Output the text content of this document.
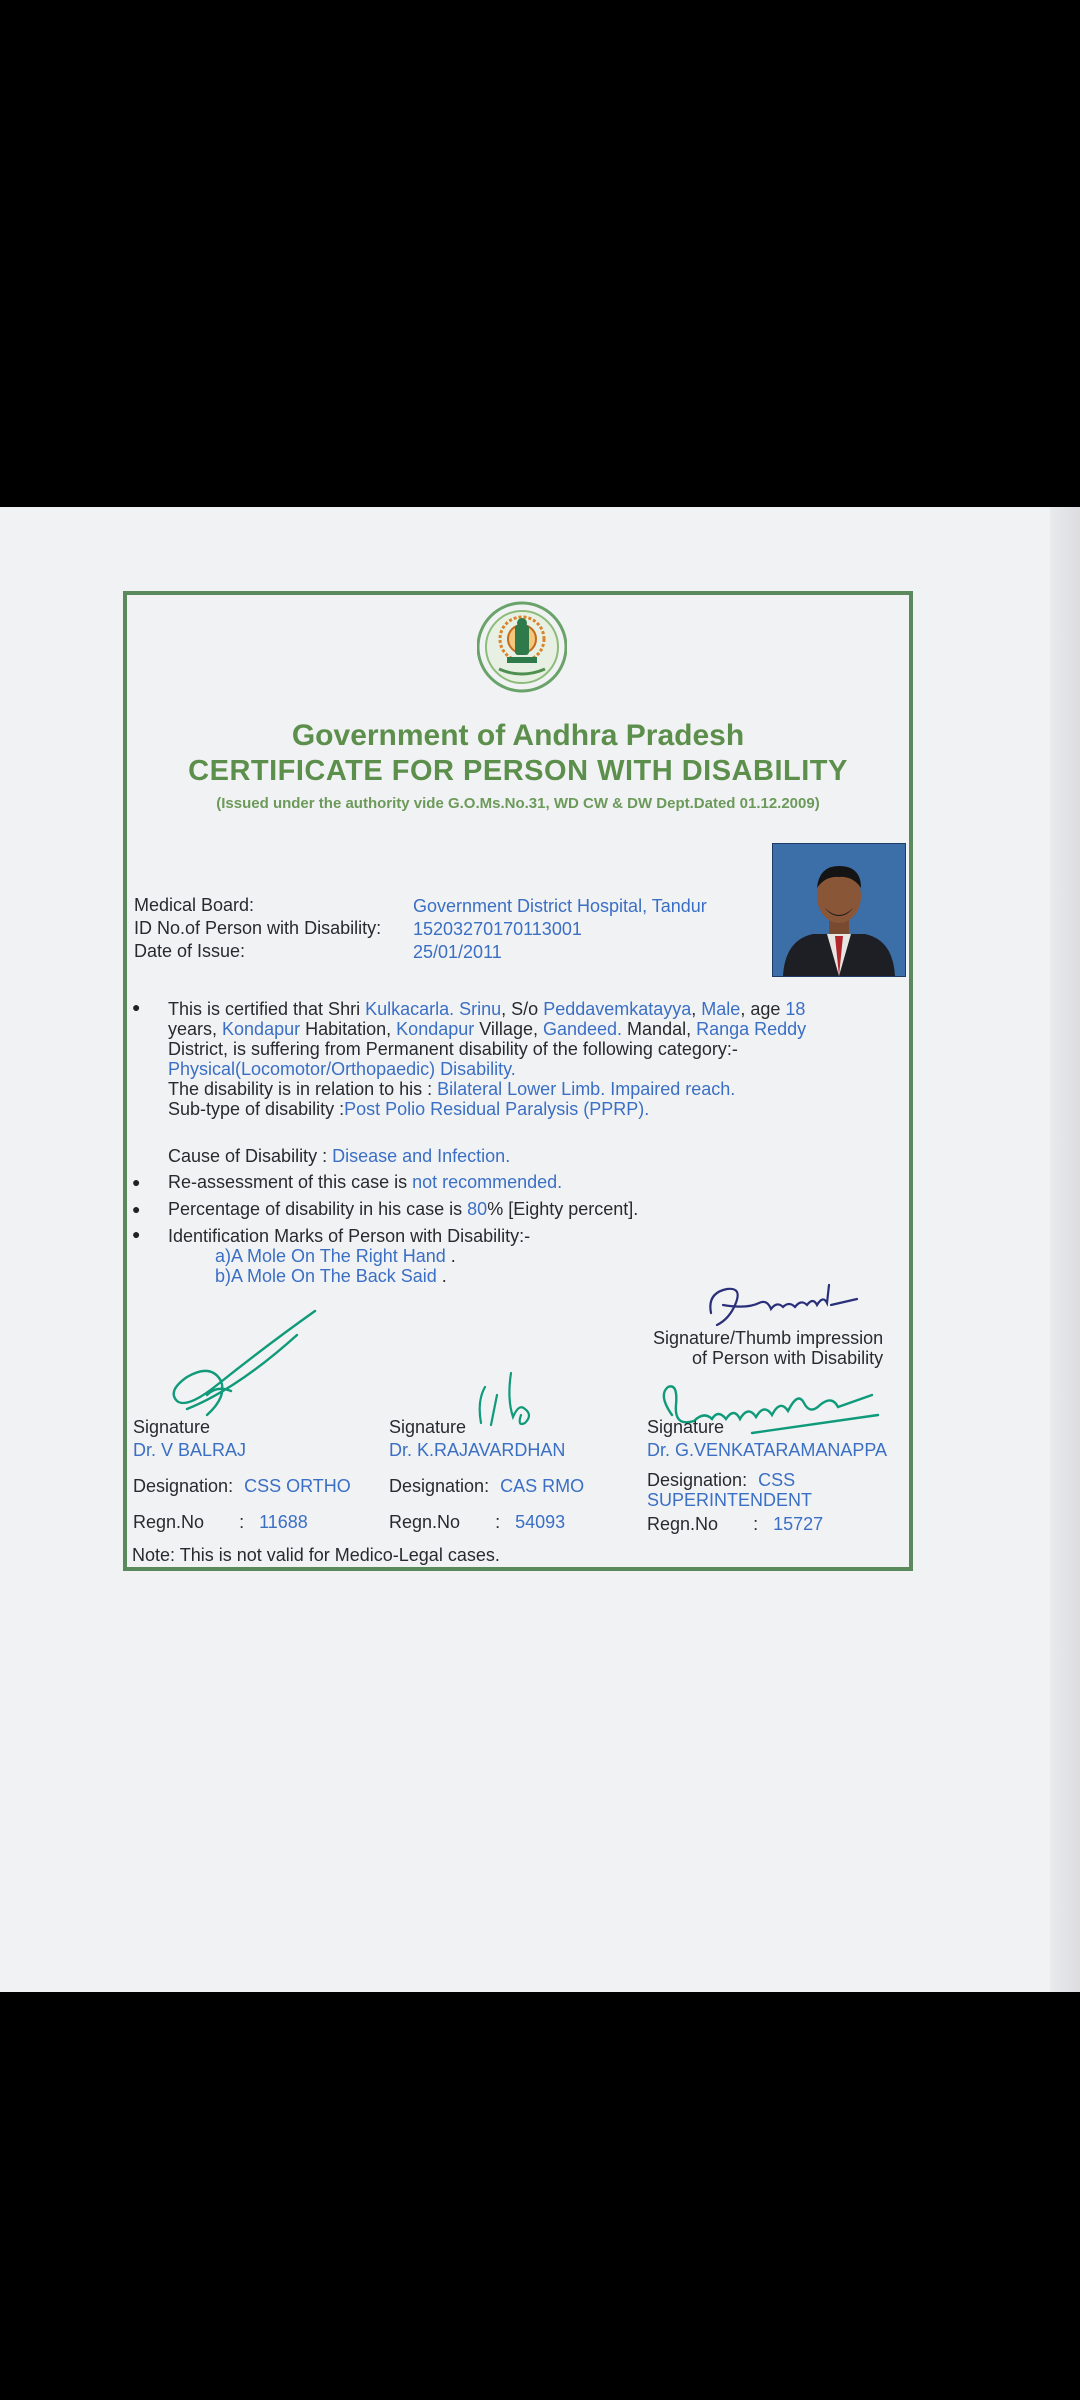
Government of Andhra Pradesh
CERTIFICATE FOR PERSON WITH DISABILITY
(Issued under the authority vide G.O.Ms.No.31, WD CW & DW Dept.Dated 01.12.2009)
Medical Board:	Government District Hospital, Tandur
ID No.of Person with Disability: 15203270170113001
Date of Issue:	25/01/2011
● This is certified that Shri Kulkacarla. Srinu, S/o Peddavemkatayya, Male, age 18
years, Kondapur Habitation, Kondapur Village, Gandeed. Mandal, Ranga Reddy
District, is suffering from Permanent disability of the following category:-
Physical(Locomotor/Orthopaedic) Disability.
The disability is in relation to his : Bilateral Lower Limb. Impaired reach.
Sub-type of disability :Post Polio Residual Paralysis (PPRP).
Cause of Disability : Disease and Infection.
● Re-assessment of this case is not recommended.
● Percentage of disability in his case is 80% [Eighty percent].
● Identification Marks of Person with Disability:-
a)A Mole On The Right Hand .
b)A Mole On The Back Said .
Signature/Thumb impression
of Person with Disability
Signature
Dr. V BALRAJ
Designation: CSS ORTHO
Regn.No : 11688
Signature
Dr. K.RAJAVARDHAN
Designation: CAS RMO
Regn.No : 54093
Signature
Dr. G.VENKATARAMANAPPA
Designation: CSS
SUPERINTENDENT
Regn.No : 15727
Note: This is not valid for Medico-Legal cases.
